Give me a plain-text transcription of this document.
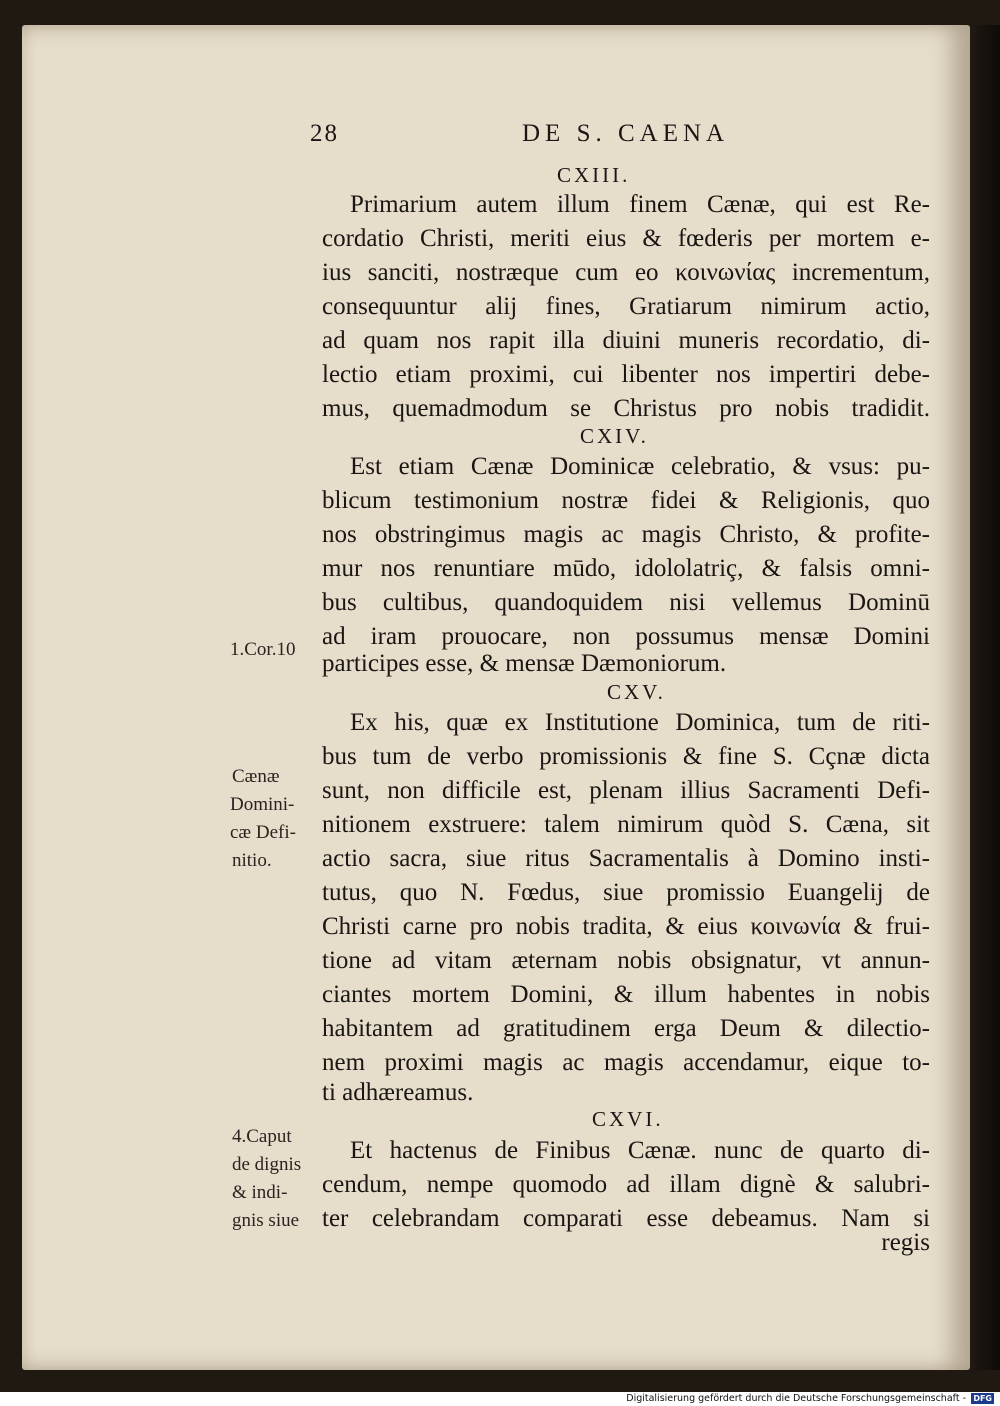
28	DE S. CAENA
CXIII.
Primarium autem illum finem Cænæ, qui est Re-
cordatio Christi, meriti eius & fœderis per mortem e-
ius sanciti, nostræque cum eo κοινωνίας incrementum,
consequuntur alij fines, Gratiarum nimirum actio,
ad quam nos rapit illa diuini muneris recordatio, di-
lectio etiam proximi, cui libenter nos impertiri debe-
mus, quemadmodum se Christus pro nobis tradidit.
CXIV.
Est etiam Cænæ Dominicæ celebratio, & vsus: pu-
blicum testimonium nostræ fidei & Religionis, quo
nos obstringimus magis ac magis Christo, & profite-
mur nos renuntiare mūdo, idololatriç, & falsis omni-
bus cultibus, quandoquidem nisi vellemus Dominū
ad iram prouocare, non possumus mensæ Domini
participes esse, & mensæ Dæmoniorum.
CXV.
Ex his, quæ ex Institutione Dominica, tum de riti-
bus tum de verbo promissionis & fine S. Cçnæ dicta
sunt, non difficile est, plenam illius Sacramenti Defi-
nitionem exstruere: talem nimirum quòd S. Cæna, sit
actio sacra, siue ritus Sacramentalis à Domino insti-
tutus, quo N. Fœdus, siue promissio Euangelij de
Christi carne pro nobis tradita, & eius κοινωνία & frui-
tione ad vitam æternam nobis obsignatur, vt annun-
ciantes mortem Domini, & illum habentes in nobis
habitantem ad gratitudinem erga Deum & dilectio-
nem proximi magis ac magis accendamur, eique to-
ti adhæreamus.
CXVI.
Et hactenus de Finibus Cænæ. nunc de quarto di-
cendum, nempe quomodo ad illam dignè & salubri-
ter celebrandam comparati esse debeamus. Nam si
regis
1.Cor.10
Cænæ
Domini-
cæ Defi-
nitio.
4.Caput
de dignis
& indi-
gnis siue
Digitalisierung gefördert durch die Deutsche Forschungsgemeinschaft - DFG
